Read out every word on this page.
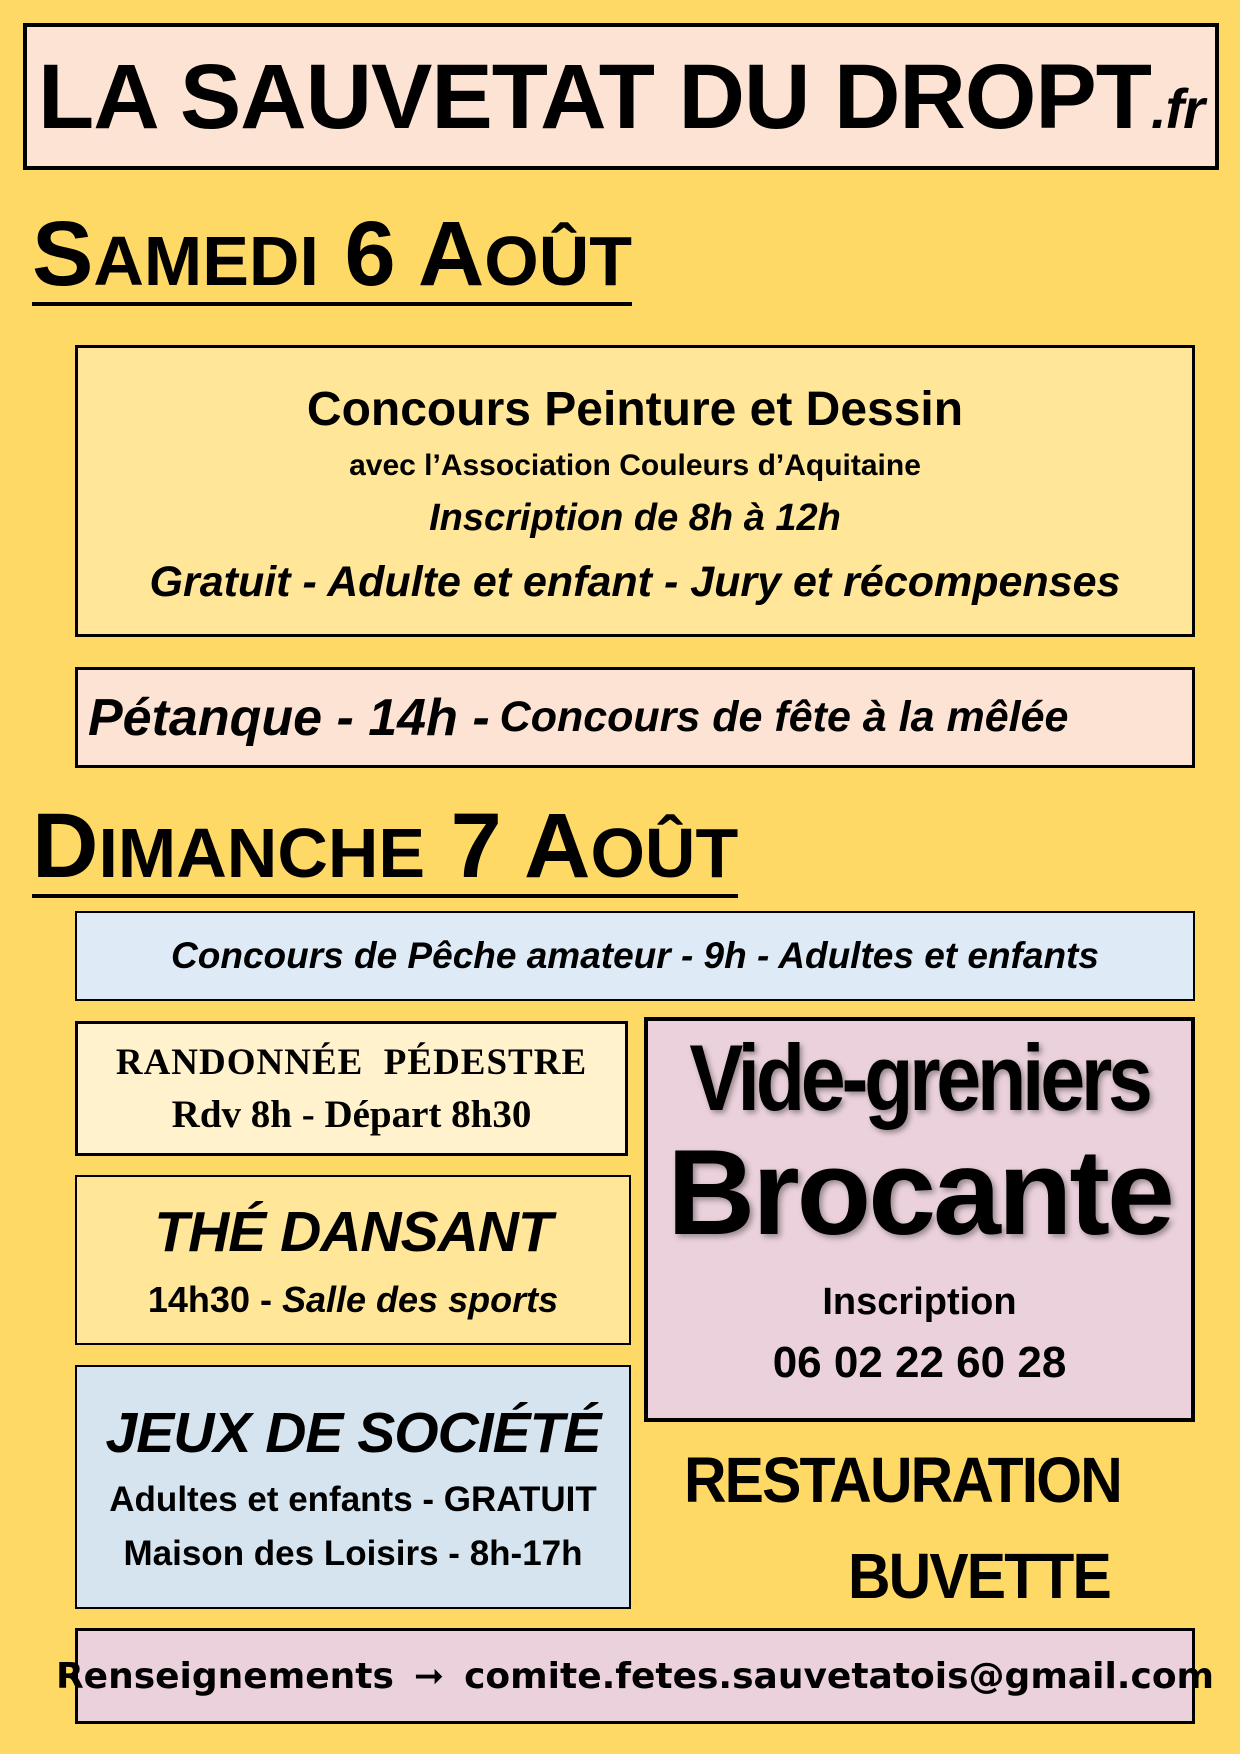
LA SAUVETAT DU DROPT.fr
SAMEDI 6 AOÛT
Concours Peinture et Dessin
avec l’Association Couleurs d’Aquitaine
Inscription de 8h à 12h
Gratuit - Adulte et enfant - Jury et récompenses
Pétanque - 14h - Concours de fête à la mêlée
DIMANCHE 7 AOÛT
Concours de Pêche amateur - 9h - Adultes et enfants
RANDONNÉE  PÉDESTRE
Rdv 8h - Départ 8h30
THÉ DANSANT
14h30 - Salle des sports
JEUX DE SOCIÉTÉ
Adultes et enfants - GRATUIT
Maison des Loisirs - 8h-17h
Vide-greniers
Brocante
Inscription
06 02 22 60 28
RESTAURATION
BUVETTE
Renseignements ➞ comite.fetes.sauvetatois@gmail.com
